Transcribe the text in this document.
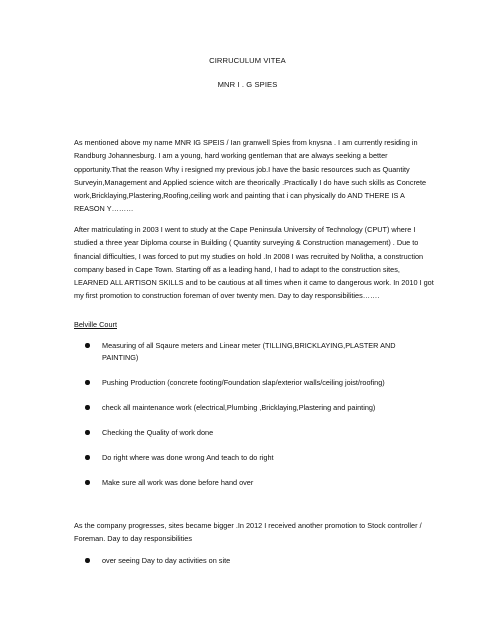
CIRRUCULUM VITEA
MNR I . G SPIES
As mentioned above my name MNR IG SPEIS / Ian granwell Spies from knysna . I am currently residing in Randburg Johannesburg. I am a young, hard working gentleman that are always seeking a better opportunity.That the reason Why i resigned my previous job.I have the basic resources such as Quantity Surveyin,Management and Applied science witch are theorically .Practically I do have such skills as Concrete work,Bricklaying,Plastering,Roofing,ceiling work and painting that i can physically do AND THERE IS A REASON Y………
After matriculating in 2003 I went to study at the Cape Peninsula University of Technology (CPUT) where I studied a three year Diploma course in Building ( Quantity surveying & Construction management) . Due to financial difficulties, I was forced to put my studies on hold .In 2008 I was recruited by Nolitha, a construction company based in Cape Town. Starting off as a leading hand, I had to adapt to the construction sites, LEARNED ALL ARTISON SKILLS and to be cautious at all times when it came to dangerous work. In 2010 I got my first promotion to construction foreman of over twenty men. Day to day responsibilities…….
Belville Court
Measuring of all Sqaure meters and Linear meter (TILLING,BRICKLAYING,PLASTER AND PAINTING)
Pushing Production (concrete footing/Foundation slap/exterior walls/ceiling joist/roofing)
check all maintenance work (electrical,Plumbing ,Bricklaying,Plastering and painting)
Checking the Quality of work done
Do right where was done wrong And teach to do right
Make sure all work was done before hand over
As the company progresses, sites became bigger .In 2012 I received another promotion to Stock controller / Foreman. Day to day responsibilities
over seeing Day to day activities on site
